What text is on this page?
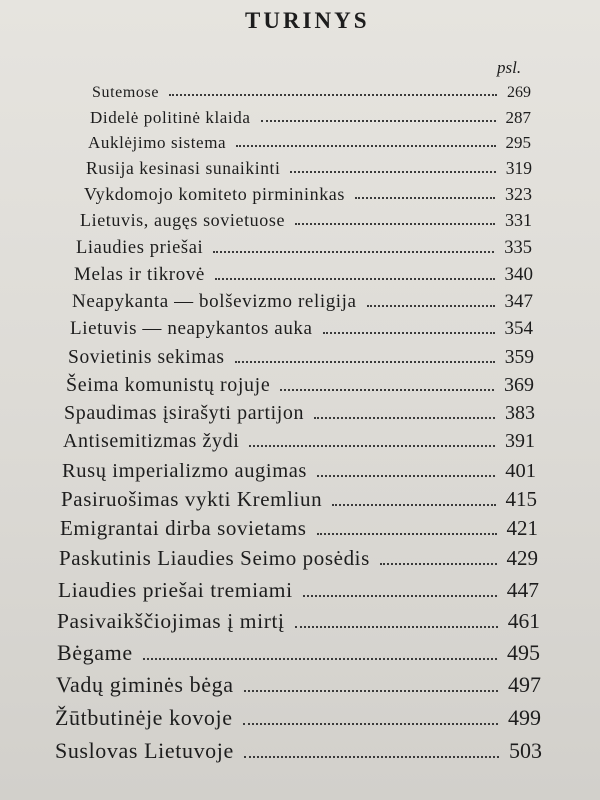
TURINYS
psl.
Sutemose	269
Didelė politinė klaida	287
Auklėjimo sistema	295
Rusija kesinasi sunaikinti	319
Vykdomojo komiteto pirmininkas	323
Lietuvis, augęs sovietuose	331
Liaudies priešai	335
Melas ir tikrovė	340
Neapykanta — bolševizmo religija	347
Lietuvis — neapykantos auka	354
Sovietinis sekimas	359
Šeima komunistų rojuje	369
Spaudimas įsirašyti partijon	383
Antisemitizmas žydi	391
Rusų imperializmo augimas	401
Pasiruošimas vykti Kremliun	415
Emigrantai dirba sovietams	421
Paskutinis Liaudies Seimo posėdis	429
Liaudies priešai tremiami	447
Pasivaikščiojimas į mirtį	461
Bėgame	495
Vadų giminės bėga	497
Žūtbutinėje kovoje	499
Suslovas Lietuvoje	503
